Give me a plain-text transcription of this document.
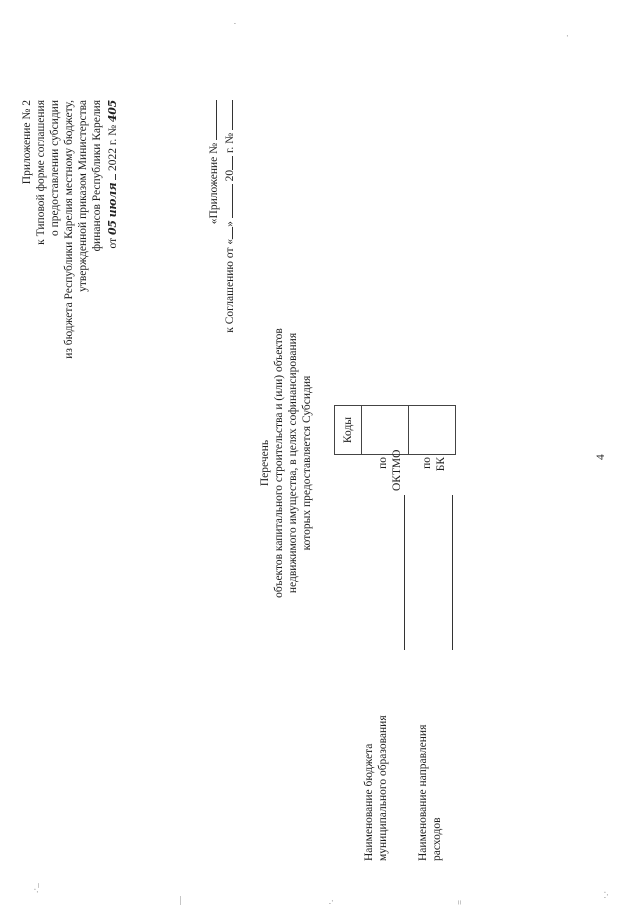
Приложение № 2 к Типовой форме соглашения о предоставлении субсидии из бюджета Республики Карелия местному бюджету, утвержденной приказом Министерства финансов Республики Карелия от 05 июля  2022 г. № 405
«Приложение №
к Соглашению от «»  20 г. №
Перечень объектов капитального строительства и (или) объектов недвижимого имущества, в целях софинансирования которых предоставляется Субсидия	Коды

Наименование бюджета муниципального образования
по ОКТМО
Наименование направления расходов
по БК	4
.·_
—	·.	=
·.·
·
.
